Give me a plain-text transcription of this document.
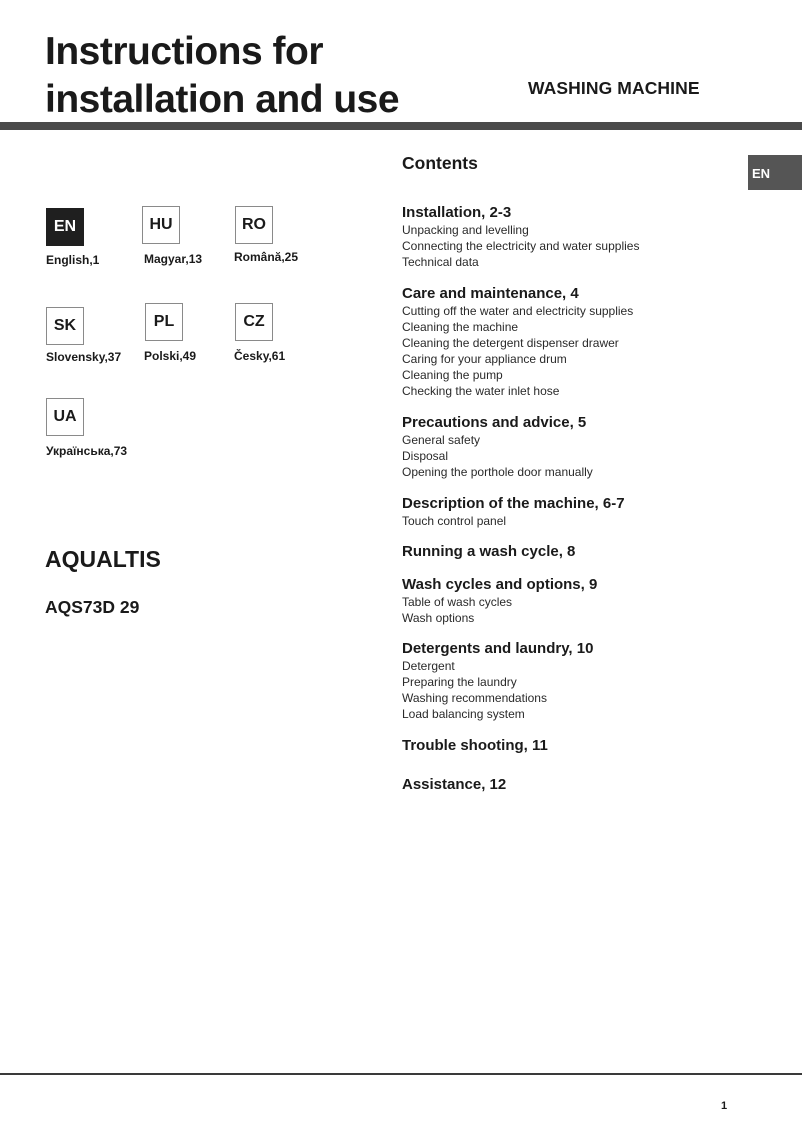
Instructions for
installation and use	WASHING MACHINE
EN
EN
English,1
HU
Magyar,13
RO
Română,25
SK
Slovensky,37
PL
Polski,49
CZ
Česky,61
UA
Українська,73
AQUALTIS
AQS73D 29
Contents
Installation, 2-3
Unpacking and levelling
Connecting the electricity and water supplies
Technical data
Care and maintenance, 4
Cutting off the water and electricity supplies
Cleaning the machine
Cleaning the detergent dispenser drawer
Caring for your appliance drum
Cleaning the pump
Checking the water inlet hose
Precautions and advice, 5
General safety
Disposal
Opening the porthole door manually
Description of the machine, 6-7
Touch control panel
Running a wash cycle, 8
Wash cycles and options, 9
Table of wash cycles
Wash options
Detergents and laundry, 10
Detergent
Preparing the laundry
Washing recommendations
Load balancing system
Trouble shooting, 11
Assistance, 12
1
